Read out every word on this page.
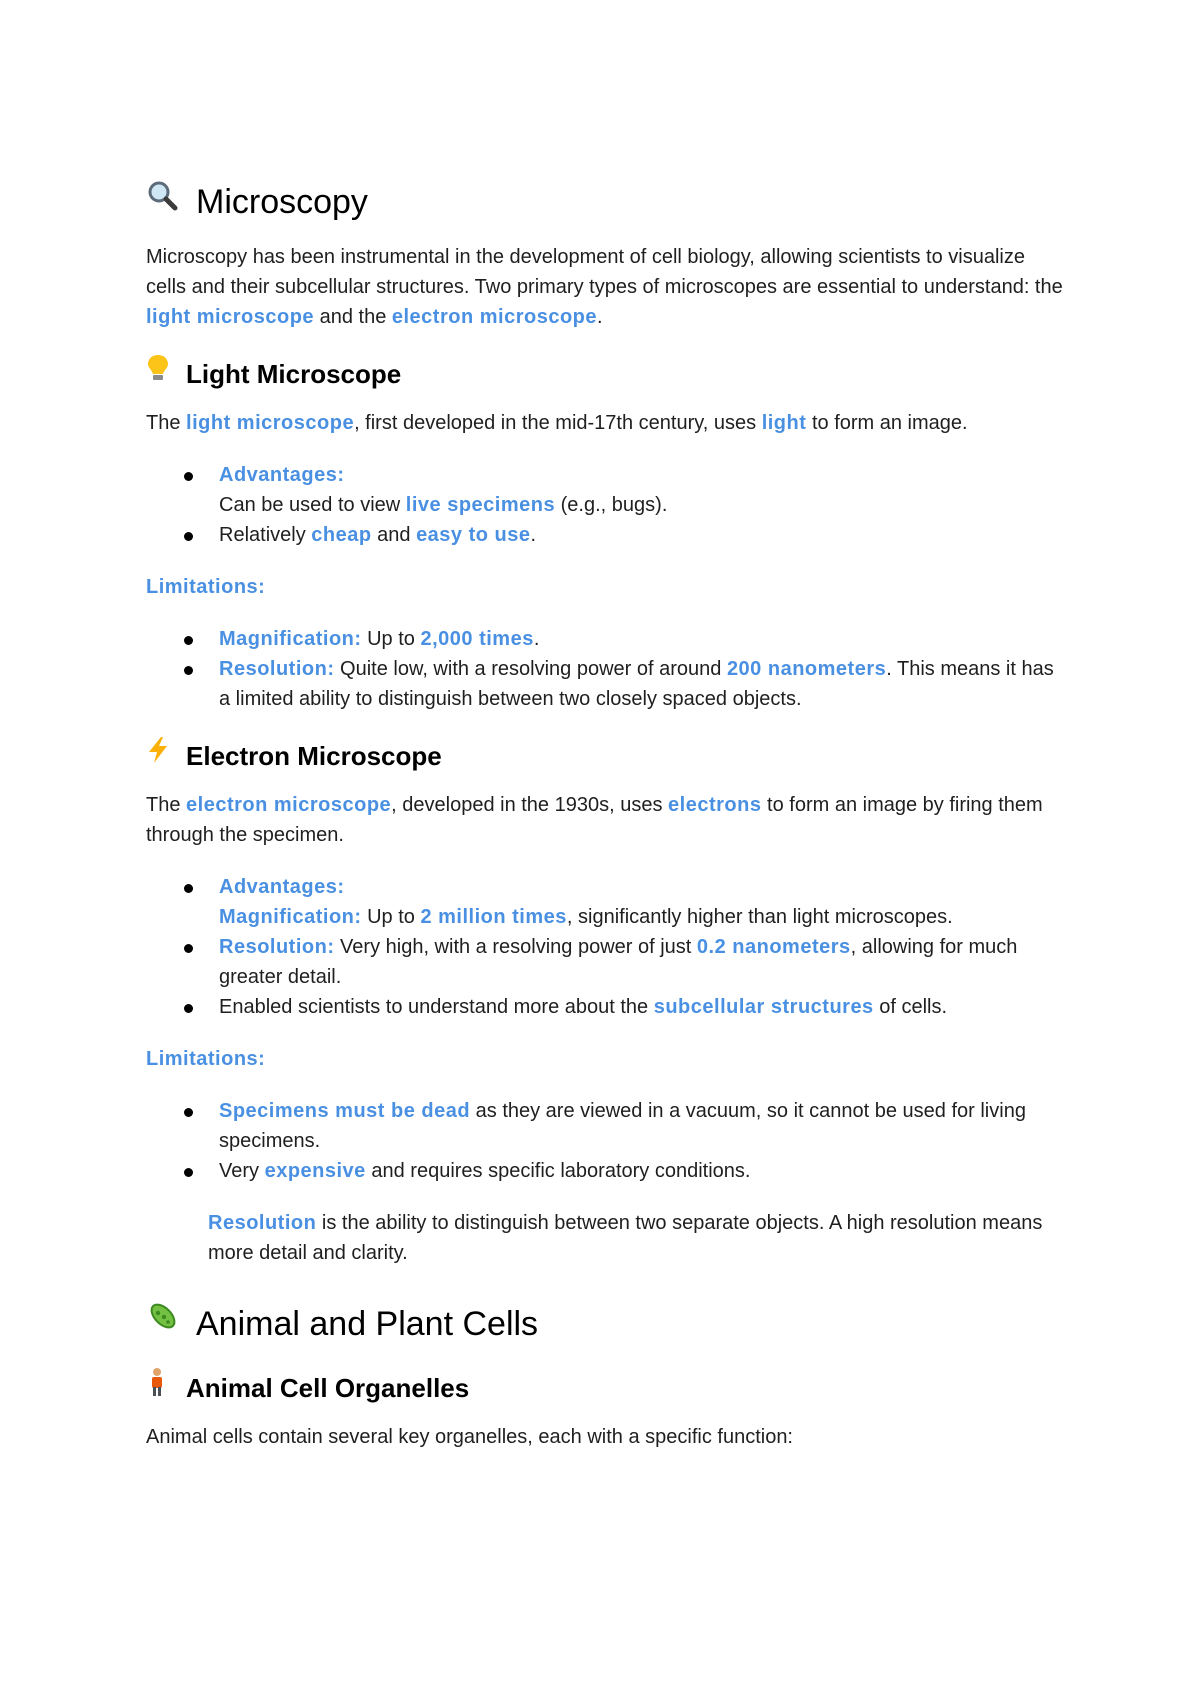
Microscopy

Microscopy has been instrumental in the development of cell biology, allowing scientists to visualize cells and their subcellular structures. Two primary types of microscopes are essential to understand: the light microscope and the electron microscope.

Light Microscope

The light microscope, first developed in the mid-17th century, uses light to form an image.

Advantages:
Can be used to view live specimens (e.g., bugs).
Relatively cheap and easy to use.
Limitations:
Magnification: Up to 2,000 times.
Resolution: Quite low, with a resolving power of around 200 nanometers. This means it has a limited ability to distinguish between two closely spaced objects.
Electron Microscope

The electron microscope, developed in the 1930s, uses electrons to form an image by firing them through the specimen.

Advantages:
Magnification: Up to 2 million times, significantly higher than light microscopes.
Resolution: Very high, with a resolving power of just 0.2 nanometers, allowing for much greater detail.
Enabled scientists to understand more about the subcellular structures of cells.
Limitations:
Specimens must be dead as they are viewed in a vacuum, so it cannot be used for living specimens.
Very expensive and requires specific laboratory conditions.
Resolution is the ability to distinguish between two separate objects. A high resolution means more detail and clarity.
Animal and Plant Cells
Animal Cell Organelles

Animal cells contain several key organelles, each with a specific function:
